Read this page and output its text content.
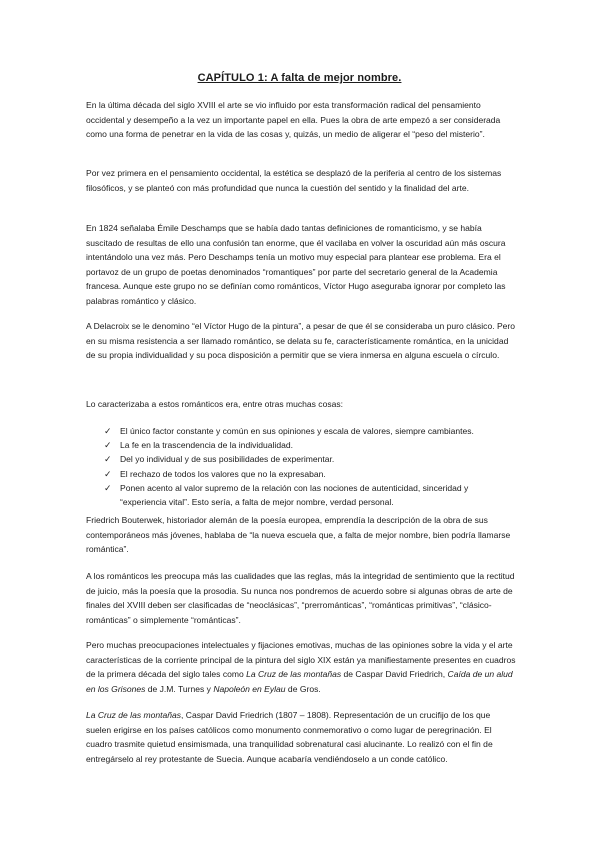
CAPÍTULO 1: A falta de mejor nombre.

En la última década del siglo XVIII el arte se vio influido por esta transformación radical del pensamiento occidental y desempeño a la vez un importante papel en ella. Pues la obra de arte empezó a ser considerada como una forma de penetrar en la vida de las cosas y, quizás, un medio de aligerar el “peso del misterio”.

Por vez primera en el pensamiento occidental, la estética se desplazó de la periferia al centro de los sistemas filosóficos, y se planteó con más profundidad que nunca la cuestión del sentido y la finalidad del arte.

En 1824 señalaba Émile Deschamps que se había dado tantas definiciones de romanticismo, y se había suscitado de resultas de ello una confusión tan enorme, que él vacilaba en volver la oscuridad aún más oscura intentándolo una vez más. Pero Deschamps tenía un motivo muy especial para plantear ese problema. Era el portavoz de un grupo de poetas denominados “romantiques” por parte del secretario general de la Academia francesa. Aunque este grupo no se definían como románticos, Víctor Hugo aseguraba ignorar por completo las palabras romántico y clásico.

A Delacroix se le denomino “el Víctor Hugo de la pintura”, a pesar de que él se consideraba un puro clásico. Pero en su misma resistencia a ser llamado romántico, se delata su fe, característicamente romántica, en la unicidad de su propia individualidad y su poca disposición a permitir que se viera inmersa en alguna escuela o círculo.

Lo caracterizaba a estos románticos era, entre otras muchas cosas:

✓ El único factor constante y común en sus opiniones y escala de valores, siempre cambiantes.
✓ La fe en la trascendencia de la individualidad.
✓ Del yo individual y de sus posibilidades de experimentar.
✓ El rechazo de todos los valores que no la expresaban.
✓ Ponen acento al valor supremo de la relación con las nociones de autenticidad, sinceridad y “experiencia vital”. Esto sería, a falta de mejor nombre, verdad personal.

Friedrich Bouterwek, historiador alemán de la poesía europea, emprendía la descripción de la obra de sus contemporáneos más jóvenes, hablaba de “la nueva escuela que, a falta de mejor nombre, bien podría llamarse romántica”.

A los románticos les preocupa más las cualidades que las reglas, más la integridad de sentimiento que la rectitud de juicio, más la poesía que la prosodia. Su nunca nos pondremos de acuerdo sobre si algunas obras de arte de finales del XVIII deben ser clasificadas de “neoclásicas”, “prerrománticas”, “románticas primitivas”, “clásico-románticas” o simplemente “románticas”.

Pero muchas preocupaciones intelectuales y fijaciones emotivas, muchas de las opiniones sobre la vida y el arte características de la corriente principal de la pintura del siglo XIX están ya manifiestamente presentes en cuadros de la primera década del siglo tales como La Cruz de las montañas de Caspar David Friedrich, Caída de un alud en los Grisones de J.M. Turnes y Napoleón en Eylau de Gros.

La Cruz de las montañas, Caspar David Friedrich (1807 – 1808). Representación de un crucifijo de los que suelen erigirse en los países católicos como monumento conmemorativo o como lugar de peregrinación. El cuadro trasmite quietud ensimismada, una tranquilidad sobrenatural casi alucinante. Lo realizó con el fin de entregárselo al rey protestante de Suecia. Aunque acabaría vendiéndoselo a un conde católico.
